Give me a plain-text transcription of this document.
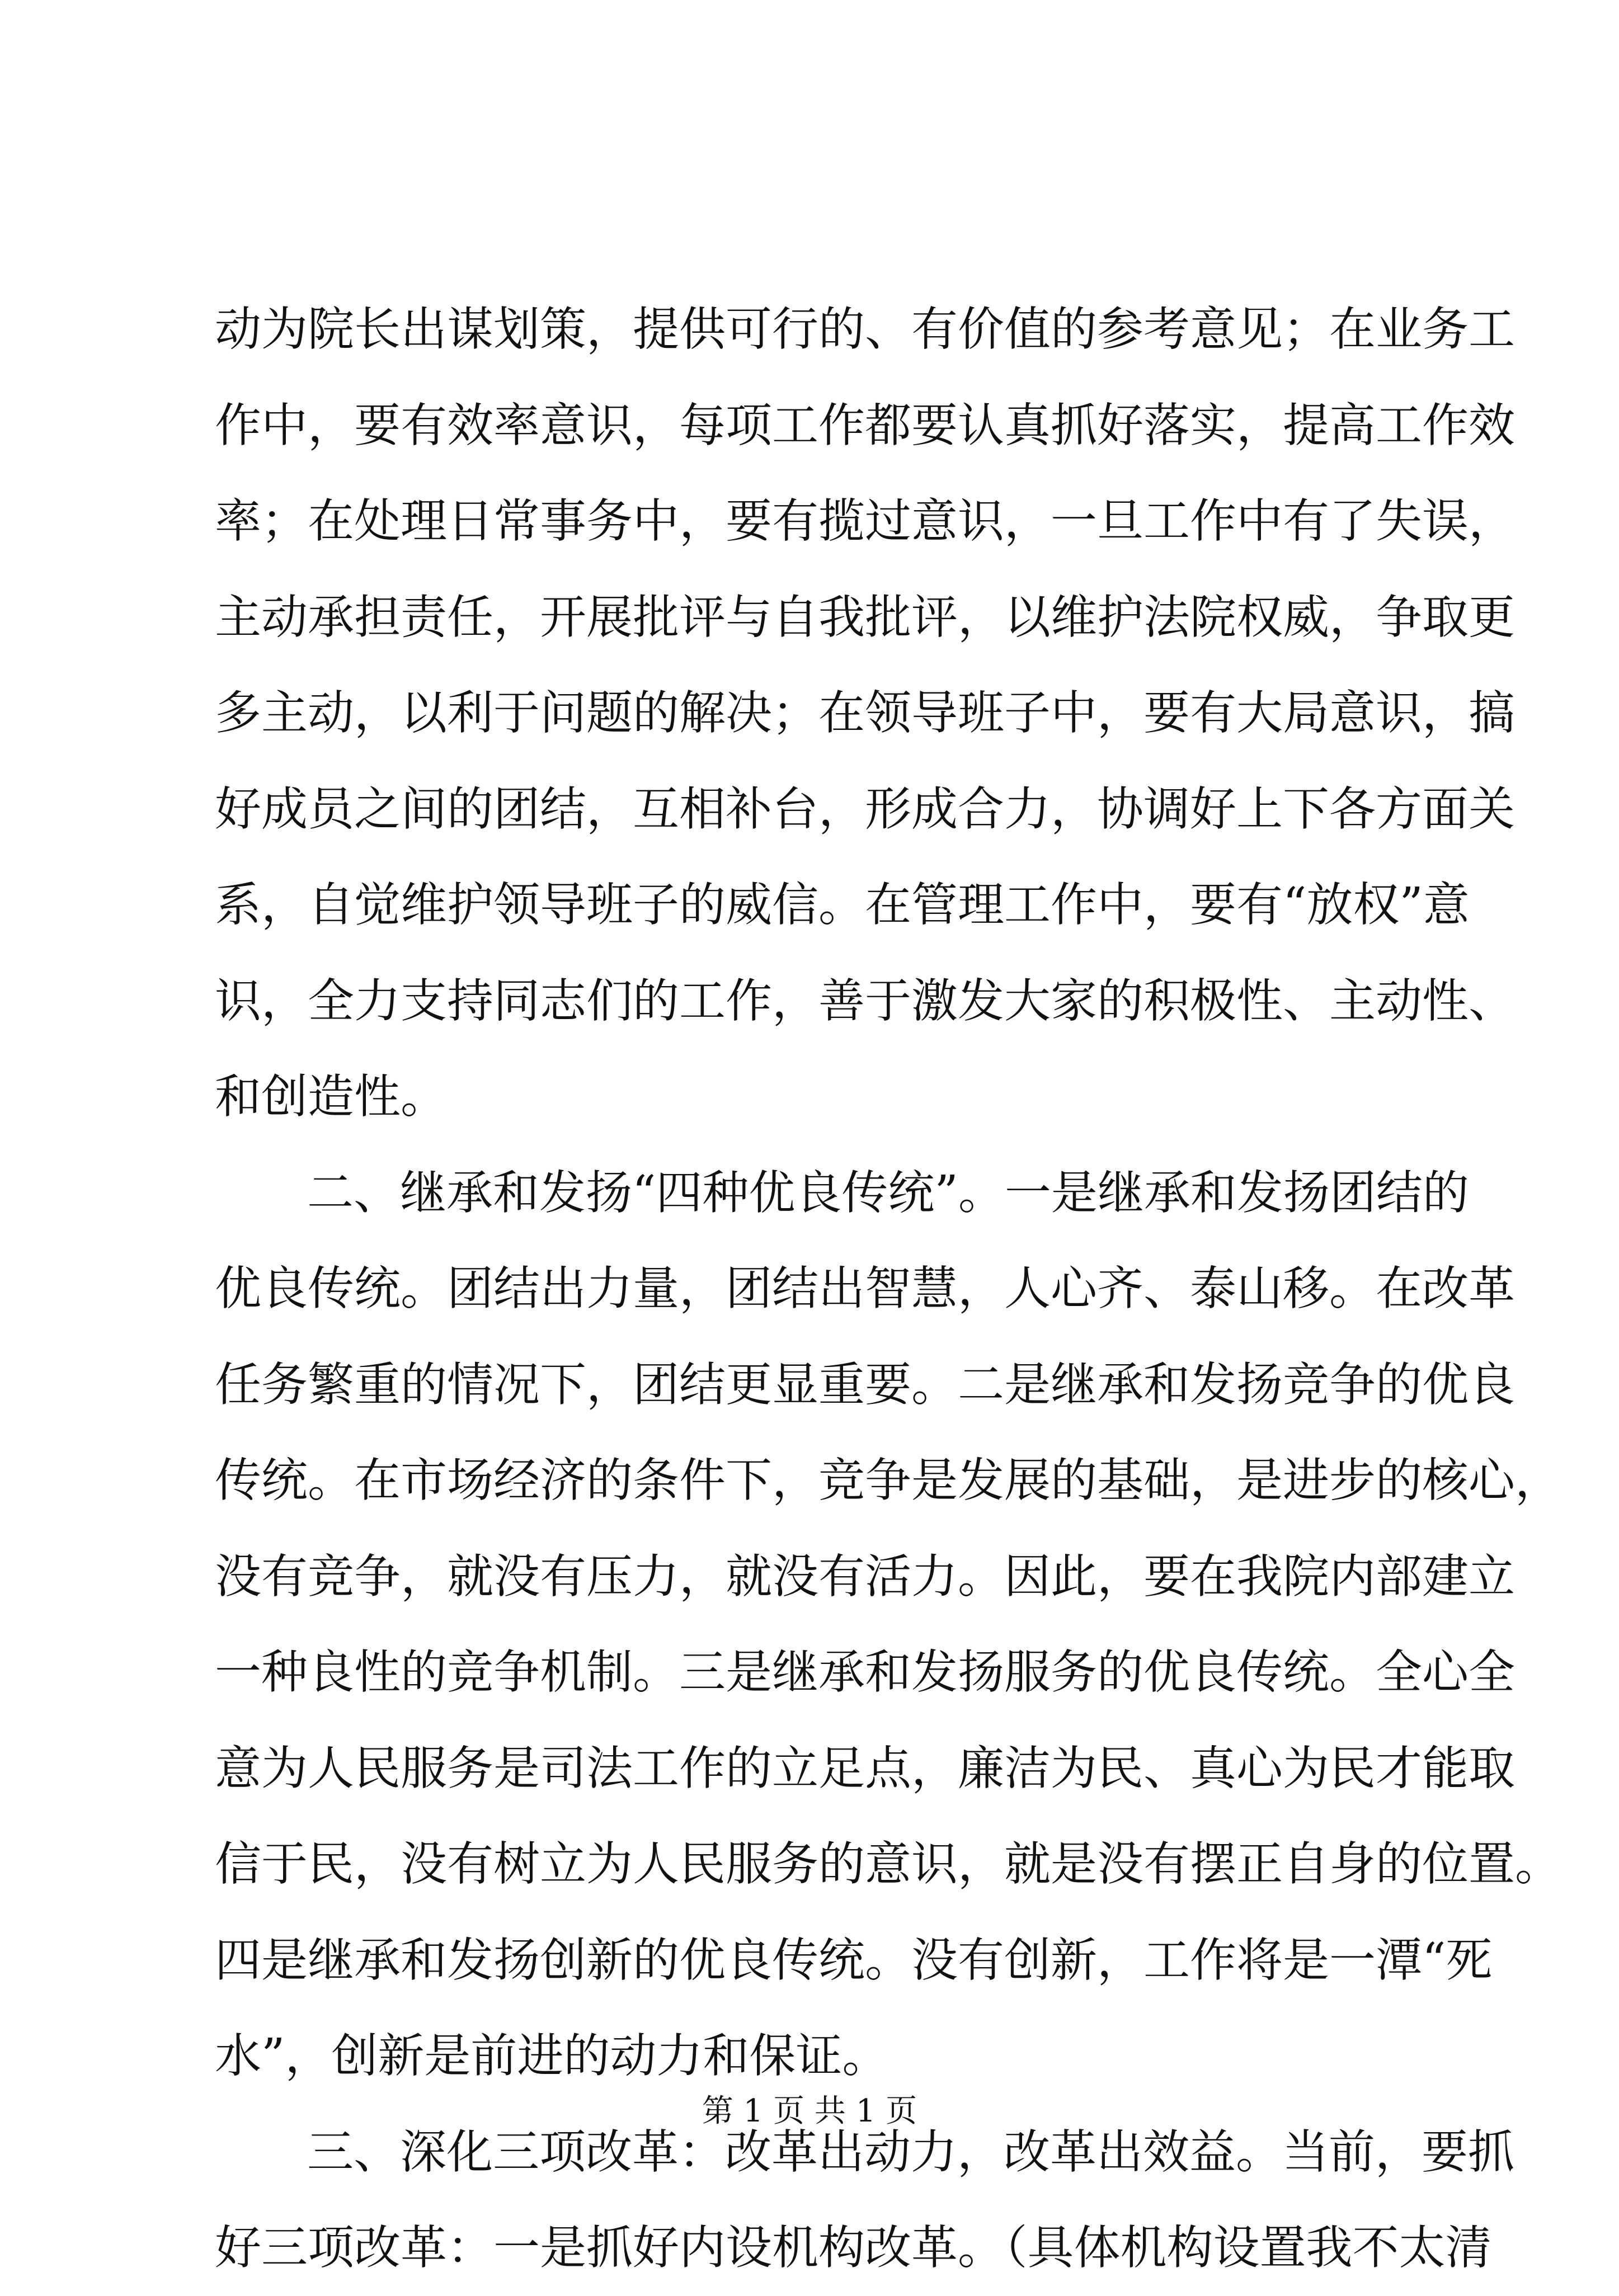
动为院长出谋划策，提供可行的、有价值的参考意见；在业务工
作中，要有效率意识，每项工作都要认真抓好落实，提高工作效
率；在处理日常事务中，要有揽过意识，一旦工作中有了失误，
主动承担责任，开展批评与自我批评，以维护法院权威，争取更
多主动，以利于问题的解决；在领导班子中，要有大局意识，搞
好成员之间的团结，互相补台，形成合力，协调好上下各方面关
系，自觉维护领导班子的威信。在管理工作中，要有“放权”意
识，全力支持同志们的工作，善于激发大家的积极性、主动性、
和创造性。
二、继承和发扬“四种优良传统”。一是继承和发扬团结的
优良传统。团结出力量，团结出智慧，人心齐、泰山移。在改革
任务繁重的情况下，团结更显重要。二是继承和发扬竞争的优良
传统。在市场经济的条件下，竞争是发展的基础，是进步的核心，
没有竞争，就没有压力，就没有活力。因此，要在我院内部建立
一种良性的竞争机制。三是继承和发扬服务的优良传统。全心全
意为人民服务是司法工作的立足点，廉洁为民、真心为民才能取
信于民，没有树立为人民服务的意识，就是没有摆正自身的位置。
四是继承和发扬创新的优良传统。没有创新，工作将是一潭“死
水”，创新是前进的动力和保证。
三、深化三项改革：改革出动力，改革出效益。当前，要抓
好三项改革：一是抓好内设机构改革。（具体机构设置我不太清
第 1 页 共 1 页
